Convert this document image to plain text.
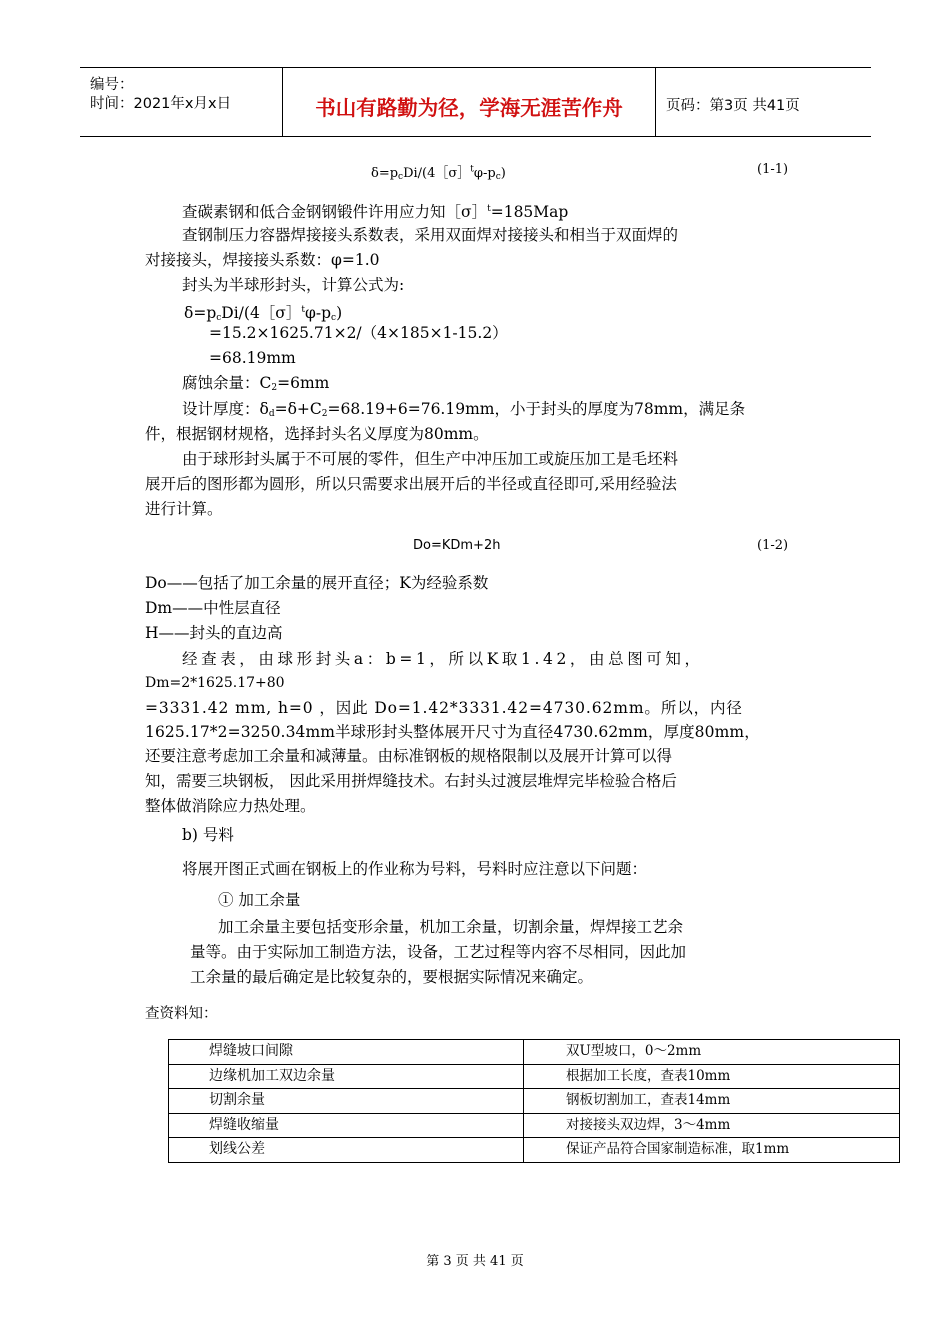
编号：
时间：2021年x月x日	书山有路勤为径，学海无涯苦作舟	页码：第3页 共41页
$\delta=p_cDi/(4[\sigma]^t\varphi-p_c)$	(1-1)
查碳素钢和低合金钢钢锻件许用应力知［σ］$^t$=185Map
查钢制压力容器焊接接头系数表，采用双面焊对接接头和相当于双面焊的
对接接头，焊接接头系数：φ=1.0
封头为半球形封头，计算公式为:
$\delta=p_cDi/(4[\sigma]^t\varphi-p_c)$
=15.2×1625.71×2/（4×185×1-15.2）
=68.19mm
腐蚀余量：$C_2=6mm$
设计厚度：$\delta_d=\delta+C_2=68.19+6=76.19mm$，小于封头的厚度为78mm，满足条
件，根据钢材规格，选择封头名义厚度为80mm。
由于球形封头属于不可展的零件，但生产中冲压加工或旋压加工是毛坯料
展开后的图形都为圆形，所以只需要求出展开后的半径或直径即可,采用经验法
进行计算。
Do=KDm+2h	(1-2)
Do——包括了加工余量的展开直径；K为经验系数
Dm——中性层直径
H——封头的直边高
经查表，由球形封头a：b=1，所以K取1.42，由总图可知，
Dm=2*1625.17+80
=3331.42 mm, h=0 ，因此 Do=1.42*3331.42=4730.62mm。所以，内径
1625.17*2=3250.34mm半球形封头整体展开尺寸为直径4730.62mm，厚度80mm，
还要注意考虑加工余量和减薄量。由标准钢板的规格限制以及展开计算可以得
知，需要三块钢板， 因此采用拼焊缝技术。右封头过渡层堆焊完毕检验合格后
整体做消除应力热处理。
b) 号料
将展开图正式画在钢板上的作业称为号料，号料时应注意以下问题：
① 加工余量
加工余量主要包括变形余量，机加工余量，切割余量，焊焊接工艺余
量等。由于实际加工制造方法，设备，工艺过程等内容不尽相同，因此加
工余量的最后确定是比较复杂的，要根据实际情况来确定。
查资料知：
焊缝坡口间隙	双U型坡口，0～2mm
边缘机加工双边余量	根据加工长度，查表10mm
切割余量	钢板切割加工，查表14mm
焊缝收缩量	对接接头双边焊，3～4mm
划线公差	保证产品符合国家制造标准，取1mm
第 3 页 共 41 页
